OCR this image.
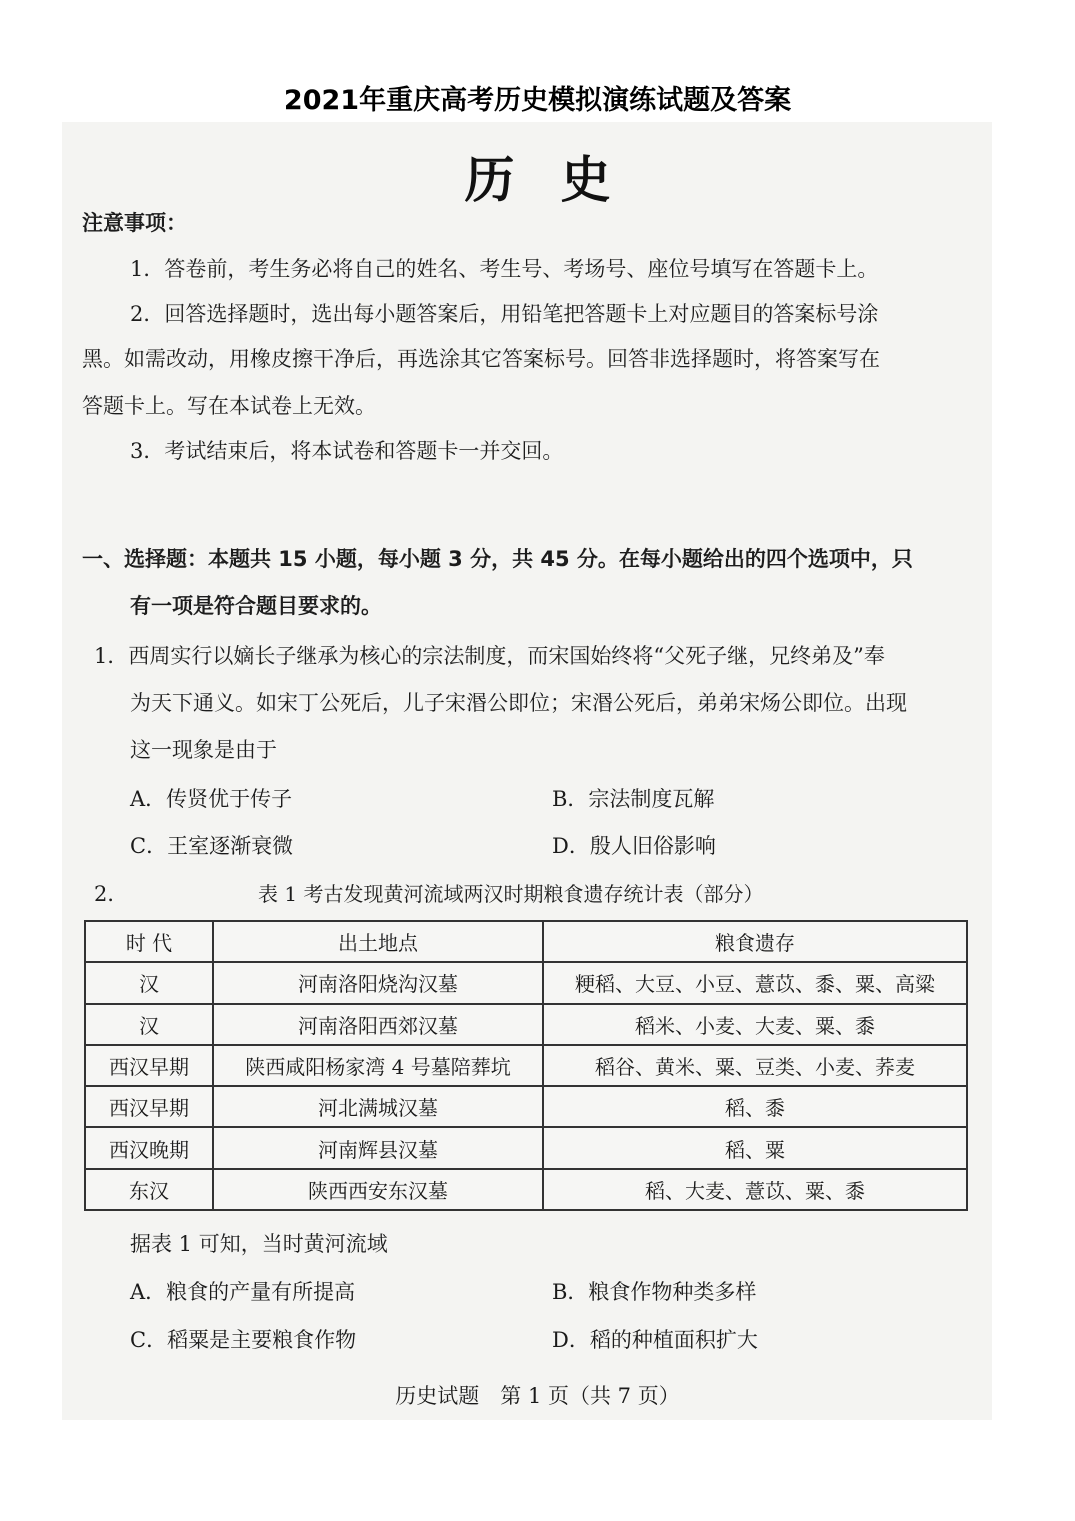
2021年重庆高考历史模拟演练试题及答案
历史
注意事项：
1．答卷前，考生务必将自己的姓名、考生号、考场号、座位号填写在答题卡上。
2．回答选择题时，选出每小题答案后，用铅笔把答题卡上对应题目的答案标号涂
黑。如需改动，用橡皮擦干净后，再选涂其它答案标号。回答非选择题时，将答案写在
答题卡上。写在本试卷上无效。
3．考试结束后，将本试卷和答题卡一并交回。
一、选择题：本题共 15 小题，每小题 3 分，共 45 分。在每小题给出的四个选项中，只
有一项是符合题目要求的。
1．西周实行以嫡长子继承为核心的宗法制度，而宋国始终将“父死子继，兄终弟及”奉
为天下通义。如宋丁公死后，儿子宋湣公即位；宋湣公死后，弟弟宋炀公即位。出现
这一现象是由于
A．传贤优于传子	B．宗法制度瓦解
C．王室逐渐衰微	D．殷人旧俗影响
2．	表 1 考古发现黄河流域两汉时期粮食遗存统计表（部分）
时 代	出土地点	粮食遗存
汉	河南洛阳烧沟汉墓	粳稻、大豆、小豆、薏苡、黍、粟、高粱
汉	河南洛阳西郊汉墓	稻米、小麦、大麦、粟、黍
西汉早期	陕西咸阳杨家湾 4 号墓陪葬坑	稻谷、黄米、粟、豆类、小麦、荞麦
西汉早期	河北满城汉墓	稻、黍
西汉晚期	河南辉县汉墓	稻、粟
东汉	陕西西安东汉墓	稻、大麦、薏苡、粟、黍
据表 1 可知，当时黄河流域
A．粮食的产量有所提高	B．粮食作物种类多样
C．稻粟是主要粮食作物	D．稻的种植面积扩大
历史试题　第 1 页（共 7 页）
